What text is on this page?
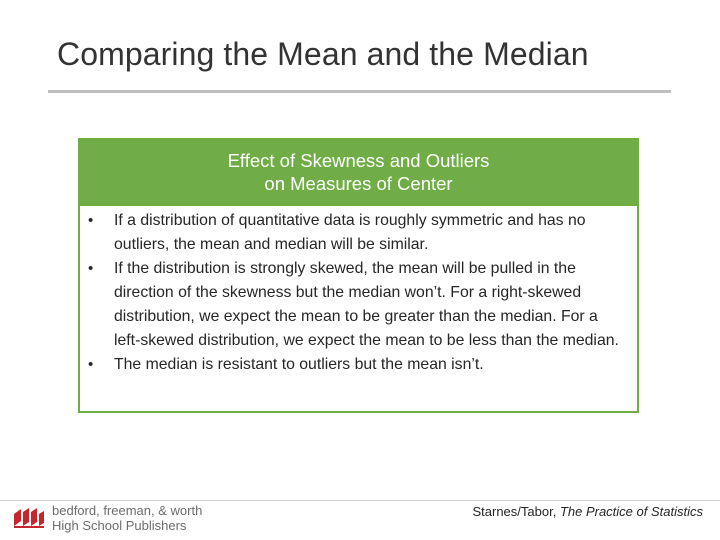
Comparing the Mean and the Median
Effect of Skewness and Outliers
on Measures of Center
• If a distribution of quantitative data is roughly symmetric and has no outliers, the mean and median will be similar.
• If the distribution is strongly skewed, the mean will be pulled in the direction of the skewness but the median won’t. For a right-skewed distribution, we expect the mean to be greater than the median. For a left-skewed distribution, we expect the mean to be less than the median.
• The median is resistant to outliers but the mean isn’t.
bedford, freeman, & worth
High School Publishers
Starnes/Tabor, The Practice of Statistics
